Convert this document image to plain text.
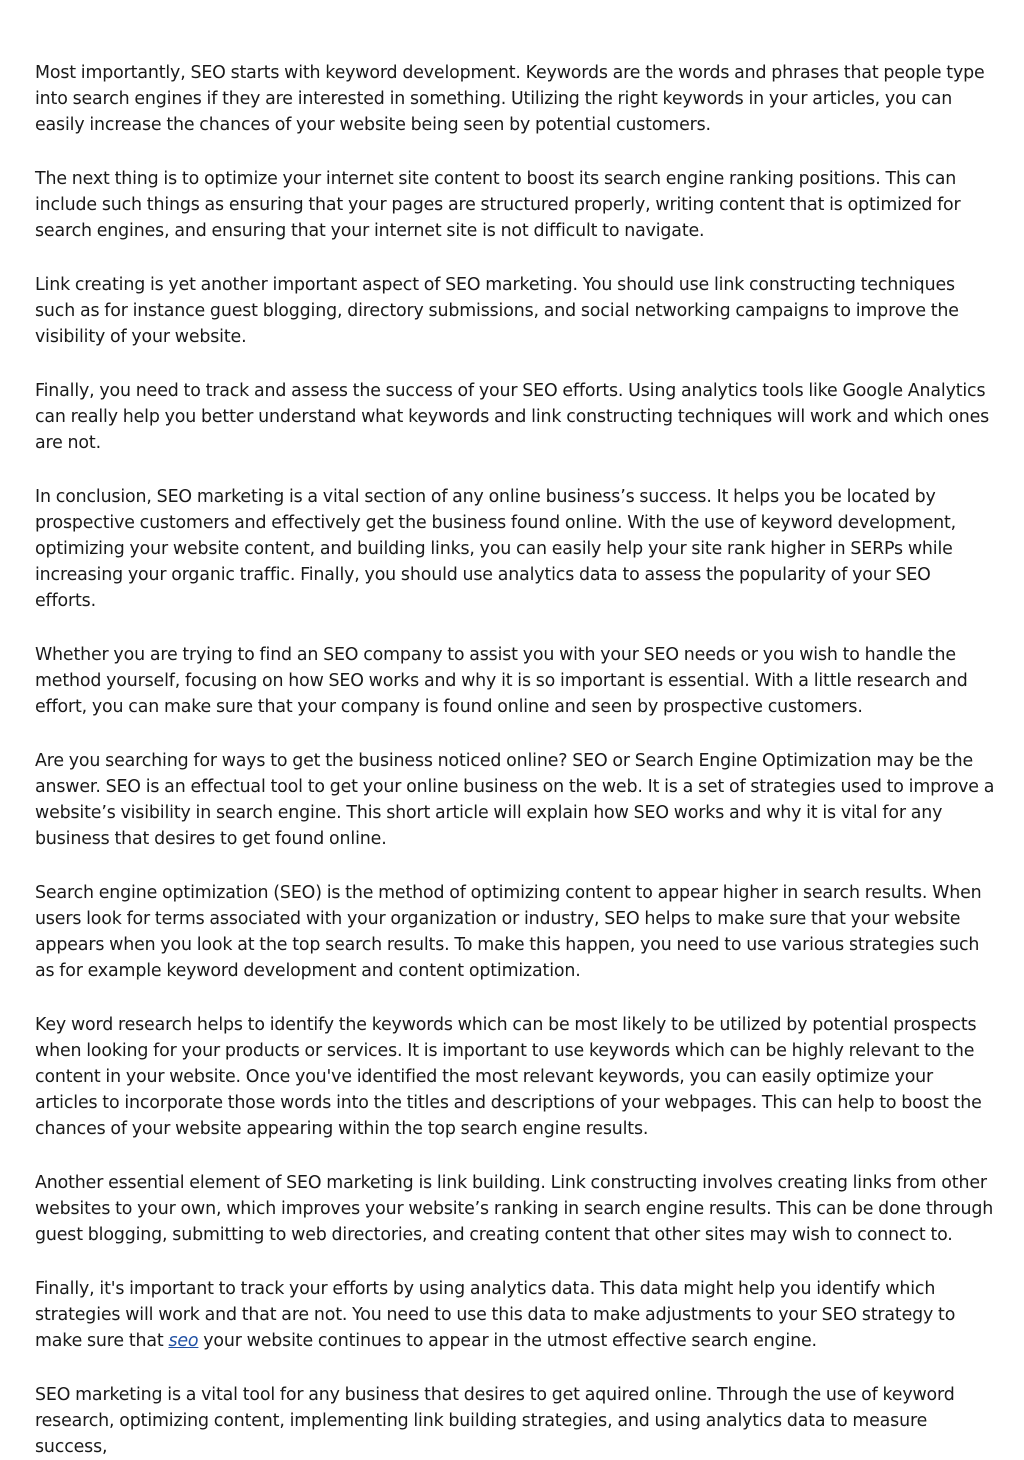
Most importantly, SEO starts with keyword development. Keywords are the words and phrases that people type into search engines if they are interested in something. Utilizing the right keywords in your articles, you can easily increase the chances of your website being seen by potential customers.

The next thing is to optimize your internet site content to boost its search engine ranking positions. This can include such things as ensuring that your pages are structured properly, writing content that is optimized for search engines, and ensuring that your internet site is not difficult to navigate.

Link creating is yet another important aspect of SEO marketing. You should use link constructing techniques such as for instance guest blogging, directory submissions, and social networking campaigns to improve the visibility of your website.

Finally, you need to track and assess the success of your SEO efforts. Using analytics tools like Google Analytics can really help you better understand what keywords and link constructing techniques will work and which ones are not.

In conclusion, SEO marketing is a vital section of any online business’s success. It helps you be located by prospective customers and effectively get the business found online. With the use of keyword development, optimizing your website content, and building links, you can easily help your site rank higher in SERPs while increasing your organic traffic. Finally, you should use analytics data to assess the popularity of your SEO efforts.

Whether you are trying to find an SEO company to assist you with your SEO needs or you wish to handle the method yourself, focusing on how SEO works and why it is so important is essential. With a little research and effort, you can make sure that your company is found online and seen by prospective customers.

Are you searching for ways to get the business noticed online? SEO or Search Engine Optimization may be the answer. SEO is an effectual tool to get your online business on the web. It is a set of strategies used to improve a website’s visibility in search engine. This short article will explain how SEO works and why it is vital for any business that desires to get found online.

Search engine optimization (SEO) is the method of optimizing content to appear higher in search results. When users look for terms associated with your organization or industry, SEO helps to make sure that your website appears when you look at the top search results. To make this happen, you need to use various strategies such as for example keyword development and content optimization.

Key word research helps to identify the keywords which can be most likely to be utilized by potential prospects when looking for your products or services. It is important to use keywords which can be highly relevant to the content in your website. Once you've identified the most relevant keywords, you can easily optimize your articles to incorporate those words into the titles and descriptions of your webpages. This can help to boost the chances of your website appearing within the top search engine results.

Another essential element of SEO marketing is link building. Link constructing involves creating links from other websites to your own, which improves your website’s ranking in search engine results. This can be done through guest blogging, submitting to web directories, and creating content that other sites may wish to connect to.

Finally, it's important to track your efforts by using analytics data. This data might help you identify which strategies will work and that are not. You need to use this data to make adjustments to your SEO strategy to make sure that seo your website continues to appear in the utmost effective search engine.

SEO marketing is a vital tool for any business that desires to get aquired online. Through the use of keyword research, optimizing content, implementing link building strategies, and using analytics data to measure success,
